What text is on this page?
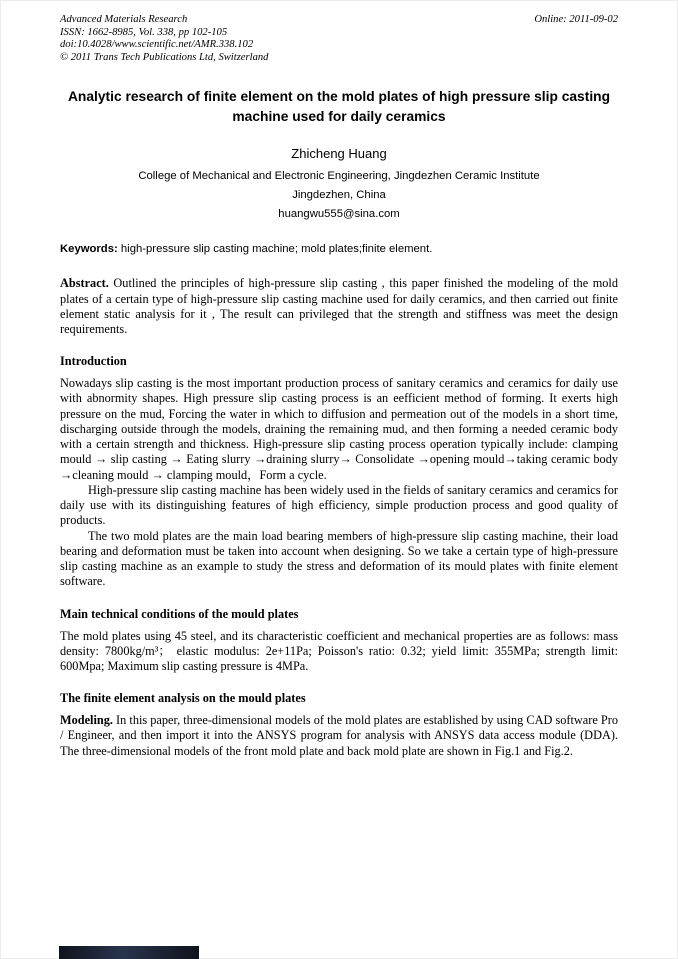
Advanced Materials Research
ISSN: 1662-8985, Vol. 338, pp 102-105
doi:10.4028/www.scientific.net/AMR.338.102
© 2011 Trans Tech Publications Ltd, Switzerland
Online: 2011-09-02
Analytic research of finite element on the mold plates of high pressure slip casting machine used for daily ceramics
Zhicheng Huang
College of Mechanical and Electronic Engineering, Jingdezhen Ceramic Institute
Jingdezhen, China
huangwu555@sina.com

Keywords: high-pressure slip casting machine; mold plates;finite element.

Abstract. Outlined the principles of high-pressure slip casting , this paper finished the modeling of the mold plates of a certain type of high-pressure slip casting machine used for daily ceramics, and then carried out finite element static analysis for it , The result can privileged that the strength and stiffness was meet the design requirements.

Introduction

Nowadays slip casting is the most important production process of sanitary ceramics and ceramics for daily use with abnormity shapes. High pressure slip casting process is an eefficient method of forming. It exerts high pressure on the mud, Forcing the water in which to diffusion and permeation out of the models in a short time, discharging outside through the models, draining the remaining mud, and then forming a needed ceramic body with a certain strength and thickness. High-pressure slip casting process operation typically include: clamping mould → slip casting → Eating slurry →draining slurry→ Consolidate →opening mould→taking ceramic body →cleaning mould → clamping mould，Form a cycle.

High-pressure slip casting machine has been widely used in the fields of sanitary ceramics and ceramics for daily use with its distinguishing features of high efficiency, simple production process and good quality of products.

The two mold plates are the main load bearing members of high-pressure slip casting machine, their load bearing and deformation must be taken into account when designing. So we take a certain type of high-pressure slip casting machine as an example to study the stress and deformation of its mould plates with finite element software.

Main technical conditions of the mould plates

The mold plates using 45 steel, and its characteristic coefficient and mechanical properties are as follows: mass density: 7800kg/m³； elastic modulus: 2e+11Pa; Poisson's ratio: 0.32; yield limit: 355MPa; strength limit: 600Mpa; Maximum slip casting pressure is 4MPa.

The finite element analysis on the mould plates

Modeling. In this paper, three-dimensional models of the mold plates are established by using CAD software Pro / Engineer, and then import it into the ANSYS program for analysis with ANSYS data access module (DDA). The three-dimensional models of the front mold plate and back mold plate are shown in Fig.1 and Fig.2.
